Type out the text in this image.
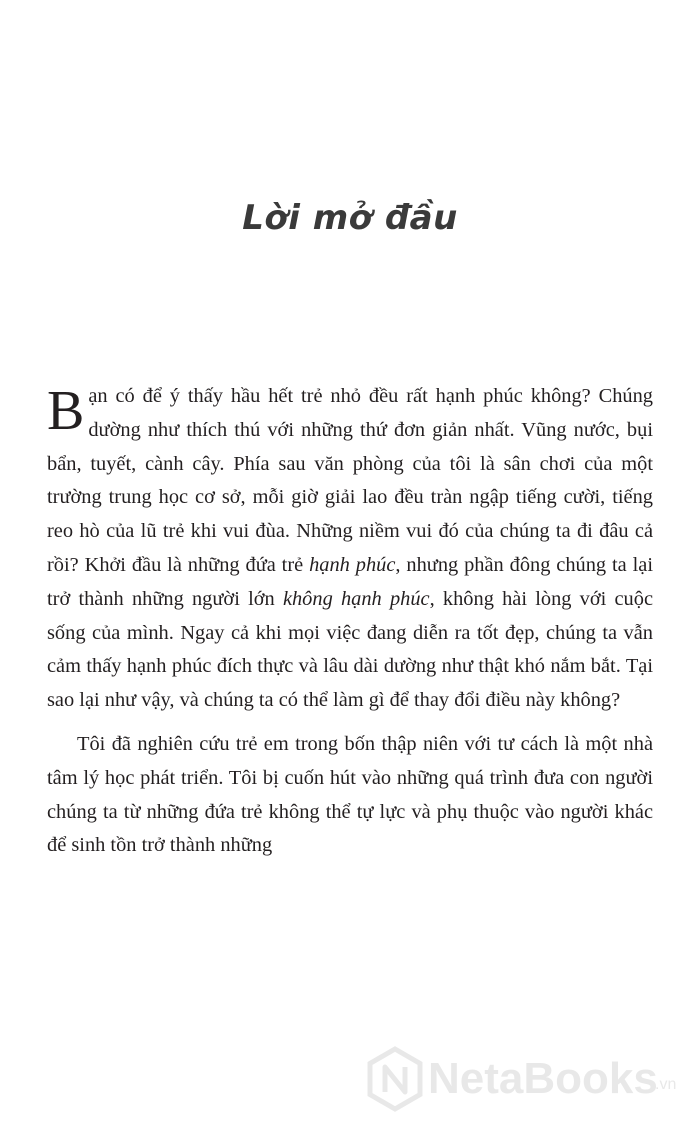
Lời mở đầu

Bạn có để ý thấy hầu hết trẻ nhỏ đều rất hạnh phúc không? Chúng dường như thích thú với những thứ đơn giản nhất. Vũng nước, bụi bẩn, tuyết, cành cây. Phía sau văn phòng của tôi là sân chơi của một trường trung học cơ sở, mỗi giờ giải lao đều tràn ngập tiếng cười, tiếng reo hò của lũ trẻ khi vui đùa. Những niềm vui đó của chúng ta đi đâu cả rồi? Khởi đầu là những đứa trẻ hạnh phúc, nhưng phần đông chúng ta lại trở thành những người lớn không hạnh phúc, không hài lòng với cuộc sống của mình. Ngay cả khi mọi việc đang diễn ra tốt đẹp, chúng ta vẫn cảm thấy hạnh phúc đích thực và lâu dài dường như thật khó nắm bắt. Tại sao lại như vậy, và chúng ta có thể làm gì để thay đổi điều này không?

Tôi đã nghiên cứu trẻ em trong bốn thập niên với tư cách là một nhà tâm lý học phát triển. Tôi bị cuốn hút vào những quá trình đưa con người chúng ta từ những đứa trẻ không thể tự lực và phụ thuộc vào người khác để sinh tồn trở thành những

NetaBooks
.vn
